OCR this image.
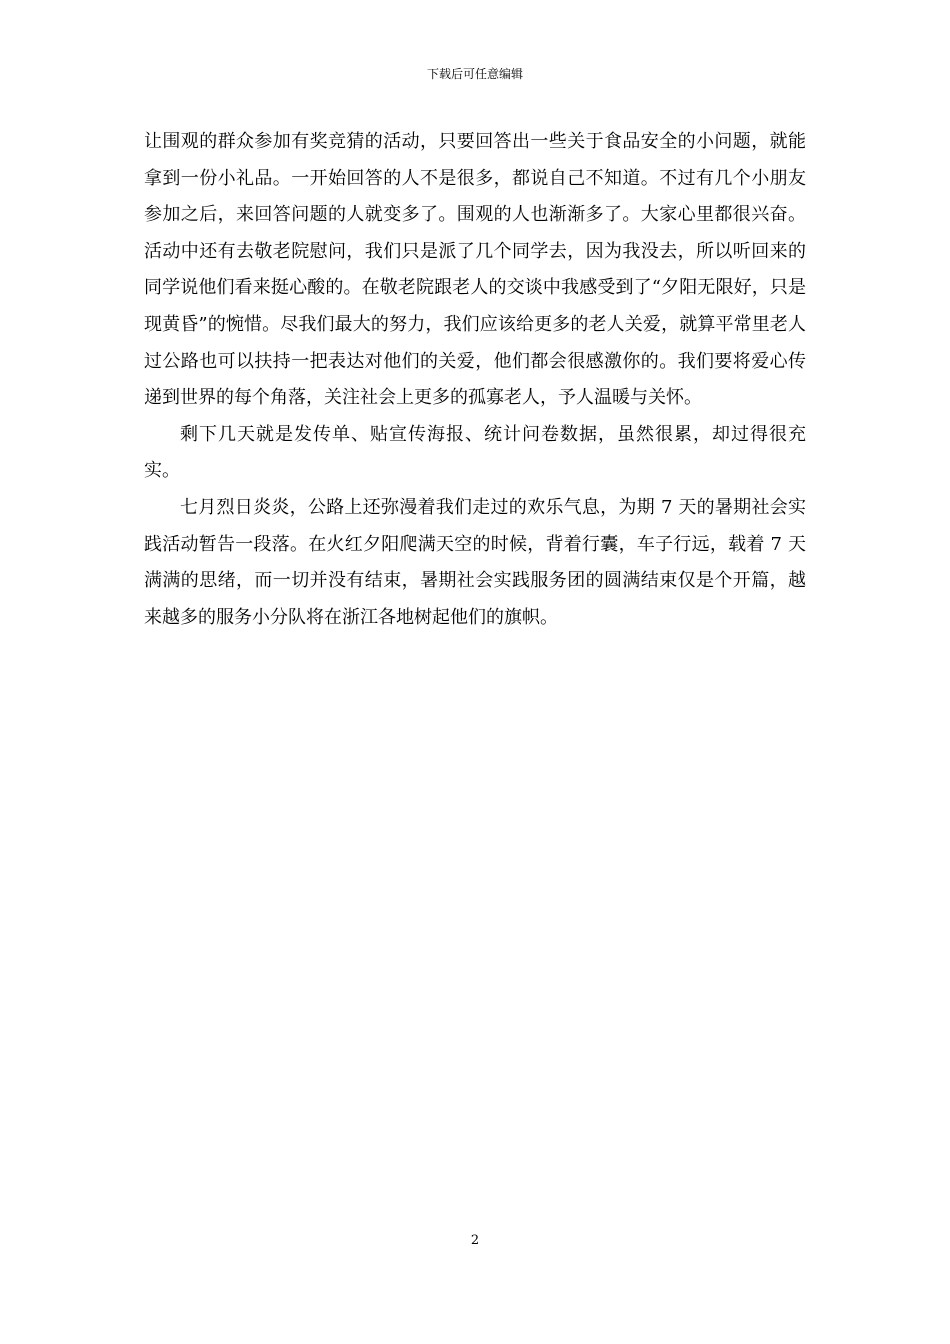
下载后可任意编辑

让围观的群众参加有奖竞猜的活动，只要回答出一些关于食品安全的小问题，就能拿到一份小礼品。一开始回答的人不是很多，都说自己不知道。不过有几个小朋友参加之后，来回答问题的人就变多了。围观的人也渐渐多了。大家心里都很兴奋。活动中还有去敬老院慰问，我们只是派了几个同学去，因为我没去，所以听回来的同学说他们看来挺心酸的。在敬老院跟老人的交谈中我感受到了“夕阳无限好，只是现黄昏”的惋惜。尽我们最大的努力，我们应该给更多的老人关爱，就算平常里老人过公路也可以扶持一把表达对他们的关爱，他们都会很感激你的。我们要将爱心传递到世界的每个角落，关注社会上更多的孤寡老人，予人温暖与关怀。

剩下几天就是发传单、贴宣传海报、统计问卷数据，虽然很累，却过得很充实。

七月烈日炎炎，公路上还弥漫着我们走过的欢乐气息，为期 7 天的暑期社会实践活动暂告一段落。在火红夕阳爬满天空的时候，背着行囊，车子行远，载着 7 天满满的思绪，而一切并没有结束，暑期社会实践服务团的圆满结束仅是个开篇，越来越多的服务小分队将在浙江各地树起他们的旗帜。

2
